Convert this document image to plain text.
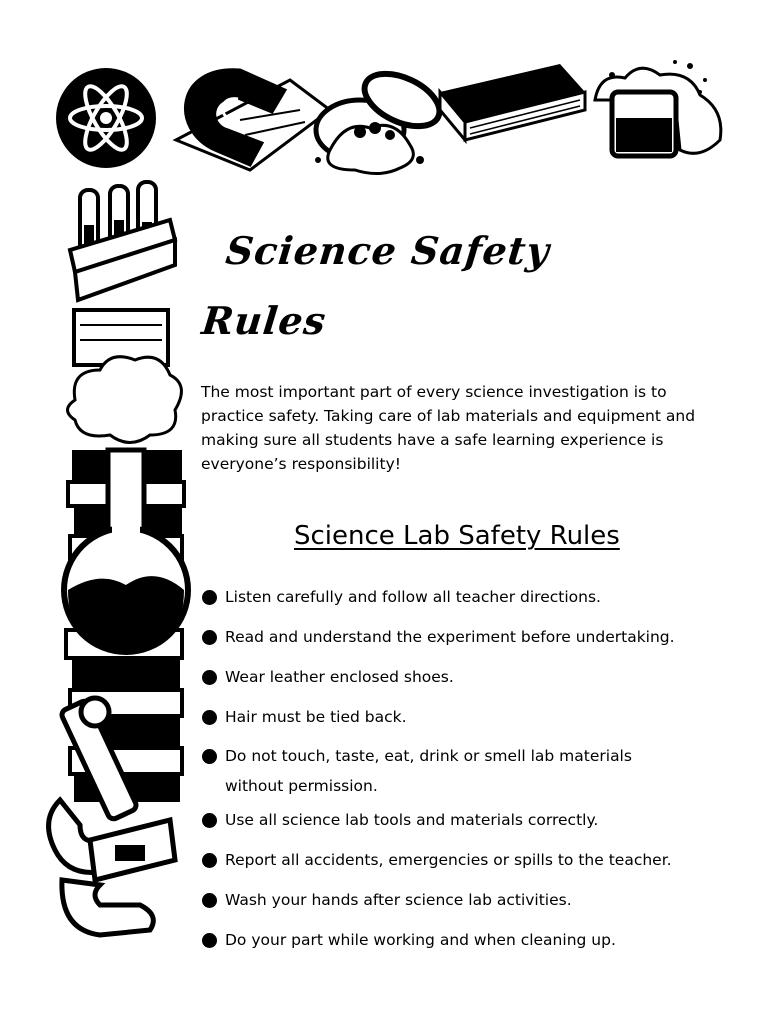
Science Safety
Rules

The most important part of every science investigation is to practice safety. Taking care of lab materials and equipment and making sure all students have a safe learning experience is everyone’s responsibility!

Science Lab Safety Rules
Listen carefully and follow all teacher directions.
Read and understand the experiment before undertaking.
Wear leather enclosed shoes.
Hair must be tied back.
Do not touch, taste, eat, drink or smell lab materials without permission.
Use all science lab tools and materials correctly.
Report all accidents, emergencies or spills to the teacher.
Wash your hands after science lab activities.
Do your part while working and when cleaning up.
